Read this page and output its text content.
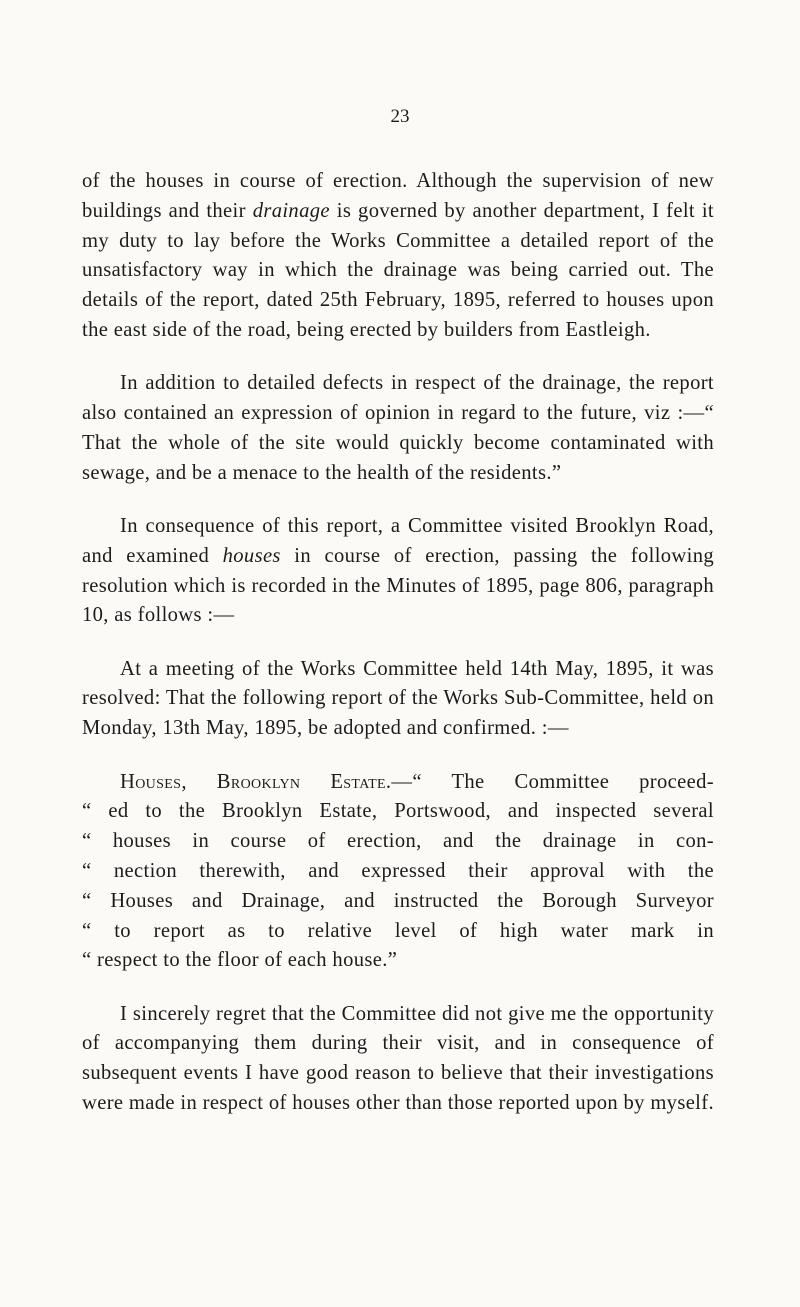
23

of the houses in course of erection. Although the supervision of new buildings and their drainage is governed by another department, I felt it my duty to lay before the Works Committee a detailed report of the unsatisfactory way in which the drainage was being carried out. The details of the report, dated 25th February, 1895, referred to houses upon the east side of the road, being erected by builders from Eastleigh.

In addition to detailed defects in respect of the drainage, the report also contained an expression of opinion in regard to the future, viz :—“ That the whole of the site would quickly become contaminated with sewage, and be a menace to the health of the residents.”

In consequence of this report, a Committee visited Brooklyn Road, and examined houses in course of erection, passing the following resolution which is recorded in the Minutes of 1895, page 806, paragraph 10, as follows :—

At a meeting of the Works Committee held 14th May, 1895, it was resolved: That the following report of the Works Sub-Committee, held on Monday, 13th May, 1895, be adopted and confirmed. :—

Houses, Brooklyn Estate.—“ The Committee proceed-
“ ed to the Brooklyn Estate, Portswood, and inspected several
“ houses in course of erection, and the drainage in con-
“ nection therewith, and expressed their approval with the
“ Houses and Drainage, and instructed the Borough Surveyor
“ to report as to relative level of high water mark in
“ respect to the floor of each house.”

I sincerely regret that the Committee did not give me the opportunity of accompanying them during their visit, and in consequence of subsequent events I have good reason to believe that their investigations were made in respect of houses other than those reported upon by myself.
